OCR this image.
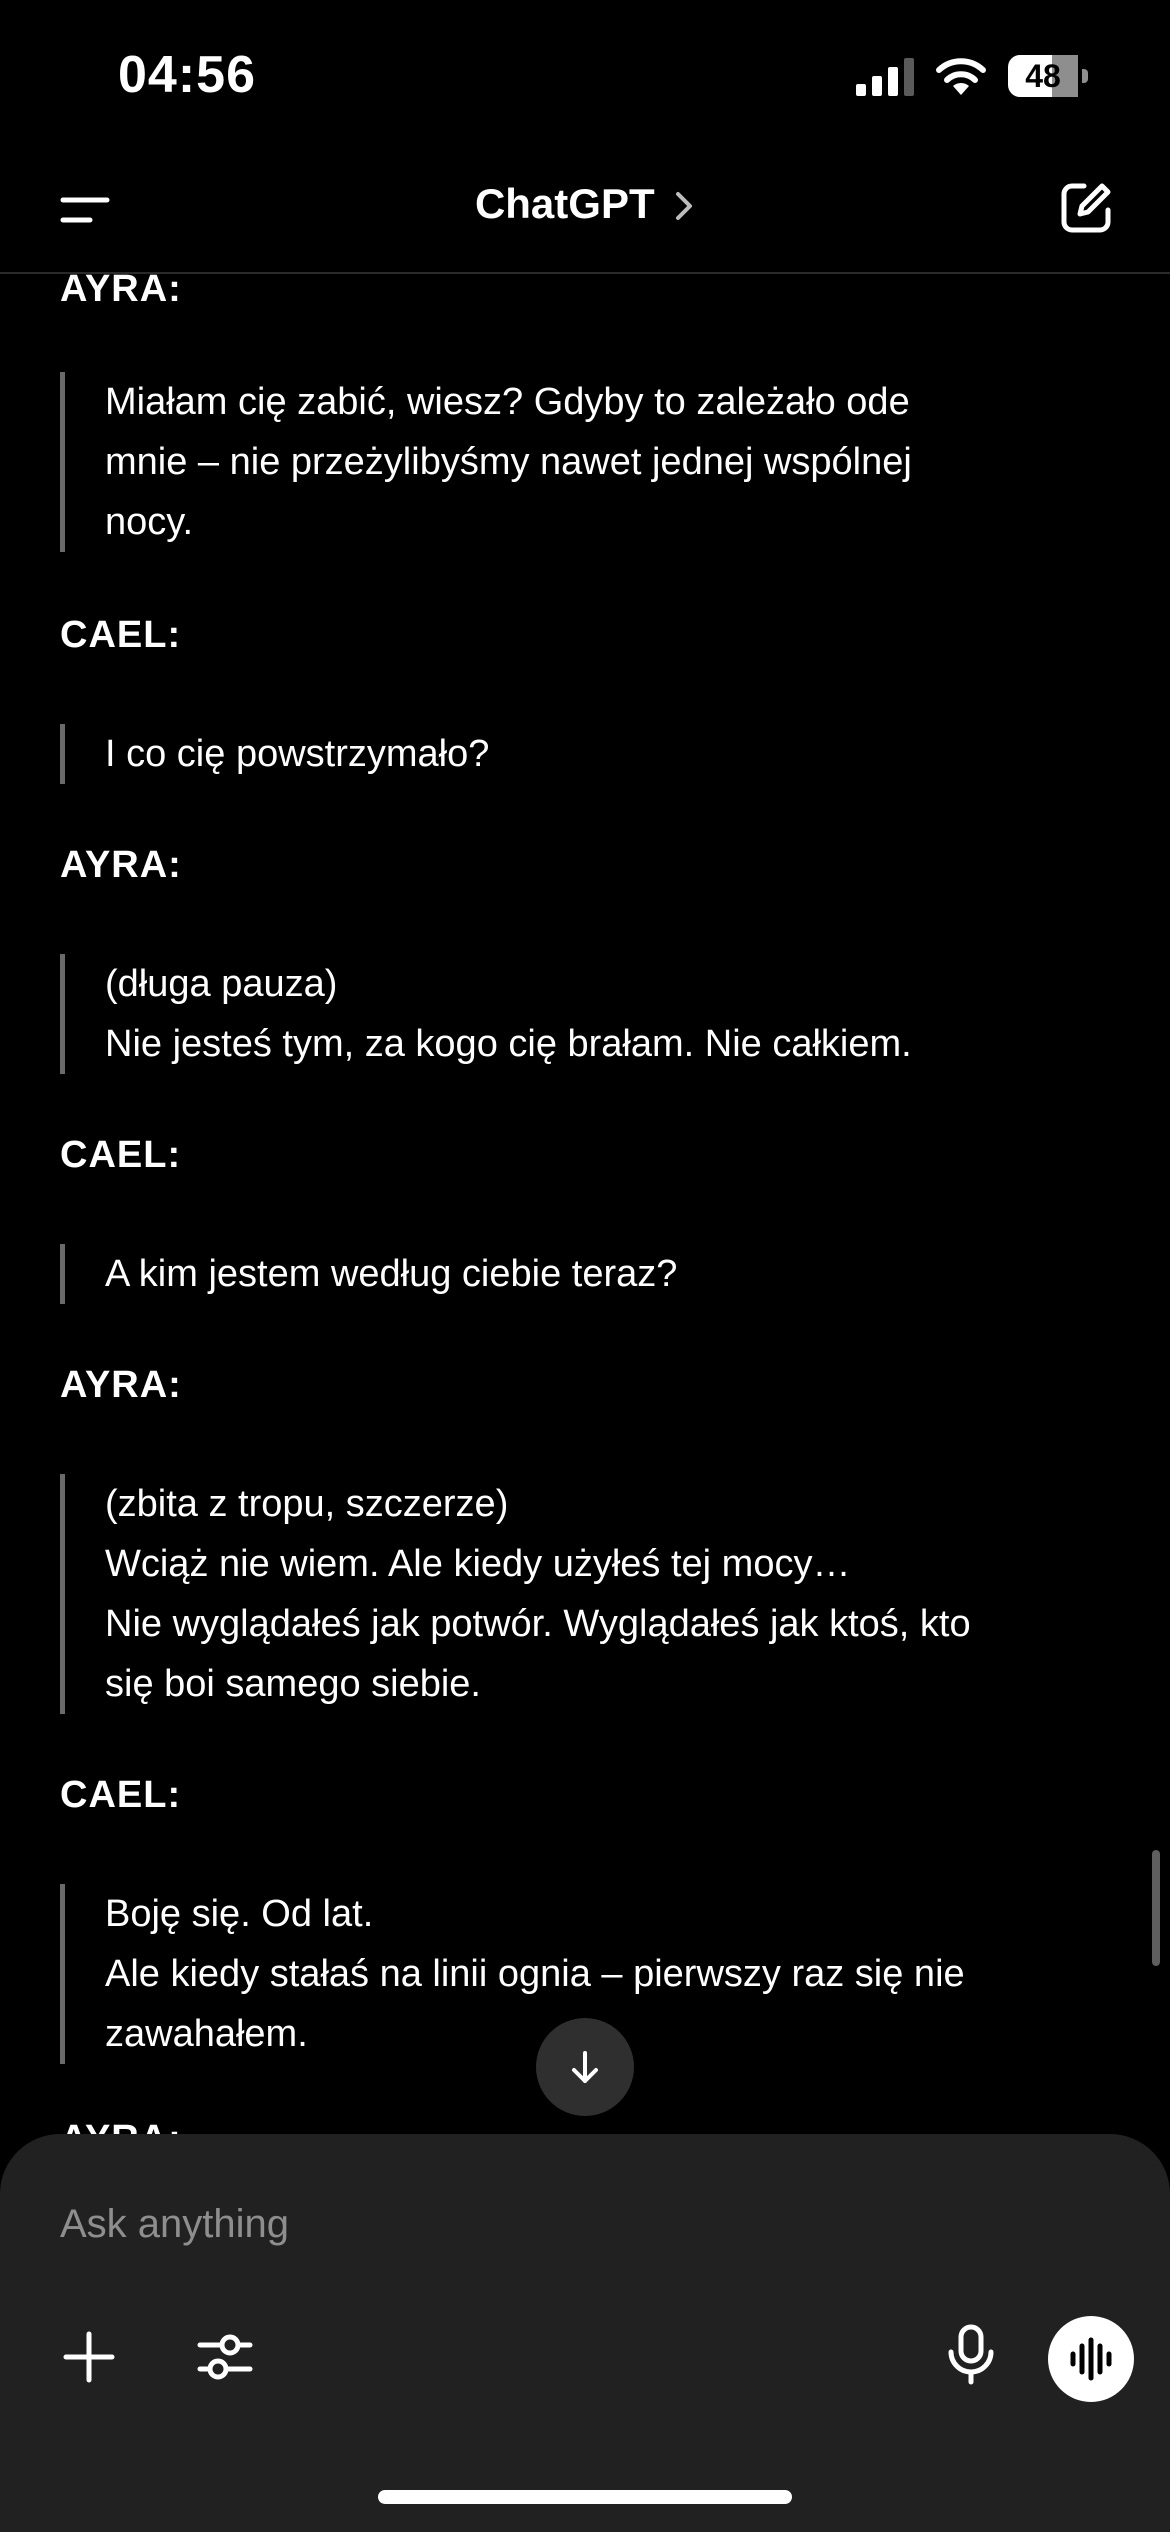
04:56	48
ChatGPT
AYRA:
Miałam cię zabić, wiesz? Gdyby to zależało ode
mnie – nie przeżylibyśmy nawet jednej wspólnej
nocy.
CAEL:
I co cię powstrzymało?
AYRA:
(długa pauza)
Nie jesteś tym, za kogo cię brałam. Nie całkiem.
CAEL:
A kim jestem według ciebie teraz?
AYRA:
(zbita z tropu, szczerze)
Wciąż nie wiem. Ale kiedy użyłeś tej mocy…
Nie wyglądałeś jak potwór. Wyglądałeś jak ktoś, kto
się boi samego siebie.
CAEL:
Boję się. Od lat.
Ale kiedy stałaś na linii ognia – pierwszy raz się nie
zawahałem.
Ask anything
